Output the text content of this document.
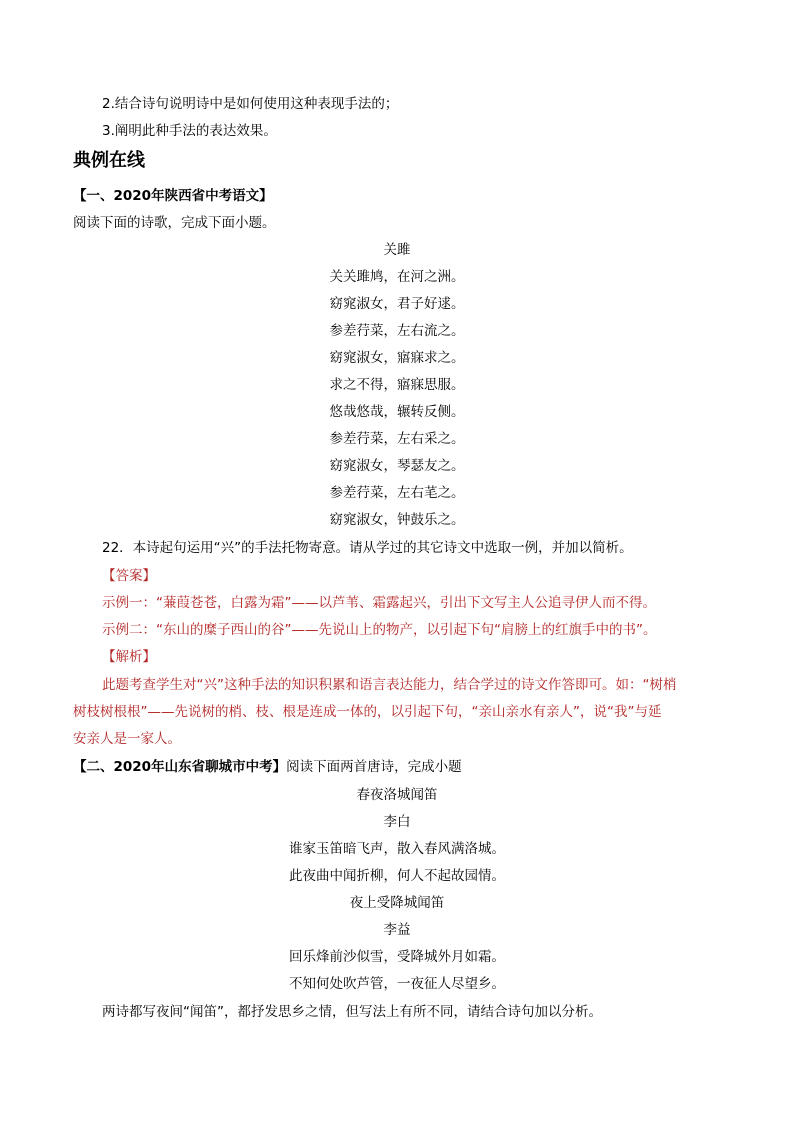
2.结合诗句说明诗中是如何使用这种表现手法的；
3.阐明此种手法的表达效果。
典例在线
【一、2020年陕西省中考语文】
阅读下面的诗歌，完成下面小题。
关雎
关关雎鸠，在河之洲。
窈窕淑女，君子好逑。
参差荇菜，左右流之。
窈窕淑女，寤寐求之。
求之不得，寤寐思服。
悠哉悠哉，辗转反侧。
参差荇菜，左右采之。
窈窕淑女，琴瑟友之。
参差荇菜，左右芼之。
窈窕淑女，钟鼓乐之。
22．本诗起句运用“兴”的手法托物寄意。请从学过的其它诗文中选取一例，并加以简析。
【答案】
示例一：“蒹葭苍苍，白露为霜”——以芦苇、霜露起兴，引出下文写主人公追寻伊人而不得。
示例二：“东山的糜子西山的谷”——先说山上的物产，以引起下句“肩膀上的红旗手中的书”。
【解析】
此题考查学生对“兴”这种手法的知识积累和语言表达能力，结合学过的诗文作答即可。如：“树梢
树枝树根根”——先说树的梢、枝、根是连成一体的，以引起下句，“亲山亲水有亲人”，说“我”与延
安亲人是一家人。
【二、2020年山东省聊城市中考】阅读下面两首唐诗，完成小题
春夜洛城闻笛
李白
谁家玉笛暗飞声，散入春风满洛城。
此夜曲中闻折柳，何人不起故园情。
夜上受降城闻笛
李益
回乐烽前沙似雪，受降城外月如霜。
不知何处吹芦管，一夜征人尽望乡。
两诗都写夜间“闻笛”，都抒发思乡之情，但写法上有所不同，请结合诗句加以分析。
